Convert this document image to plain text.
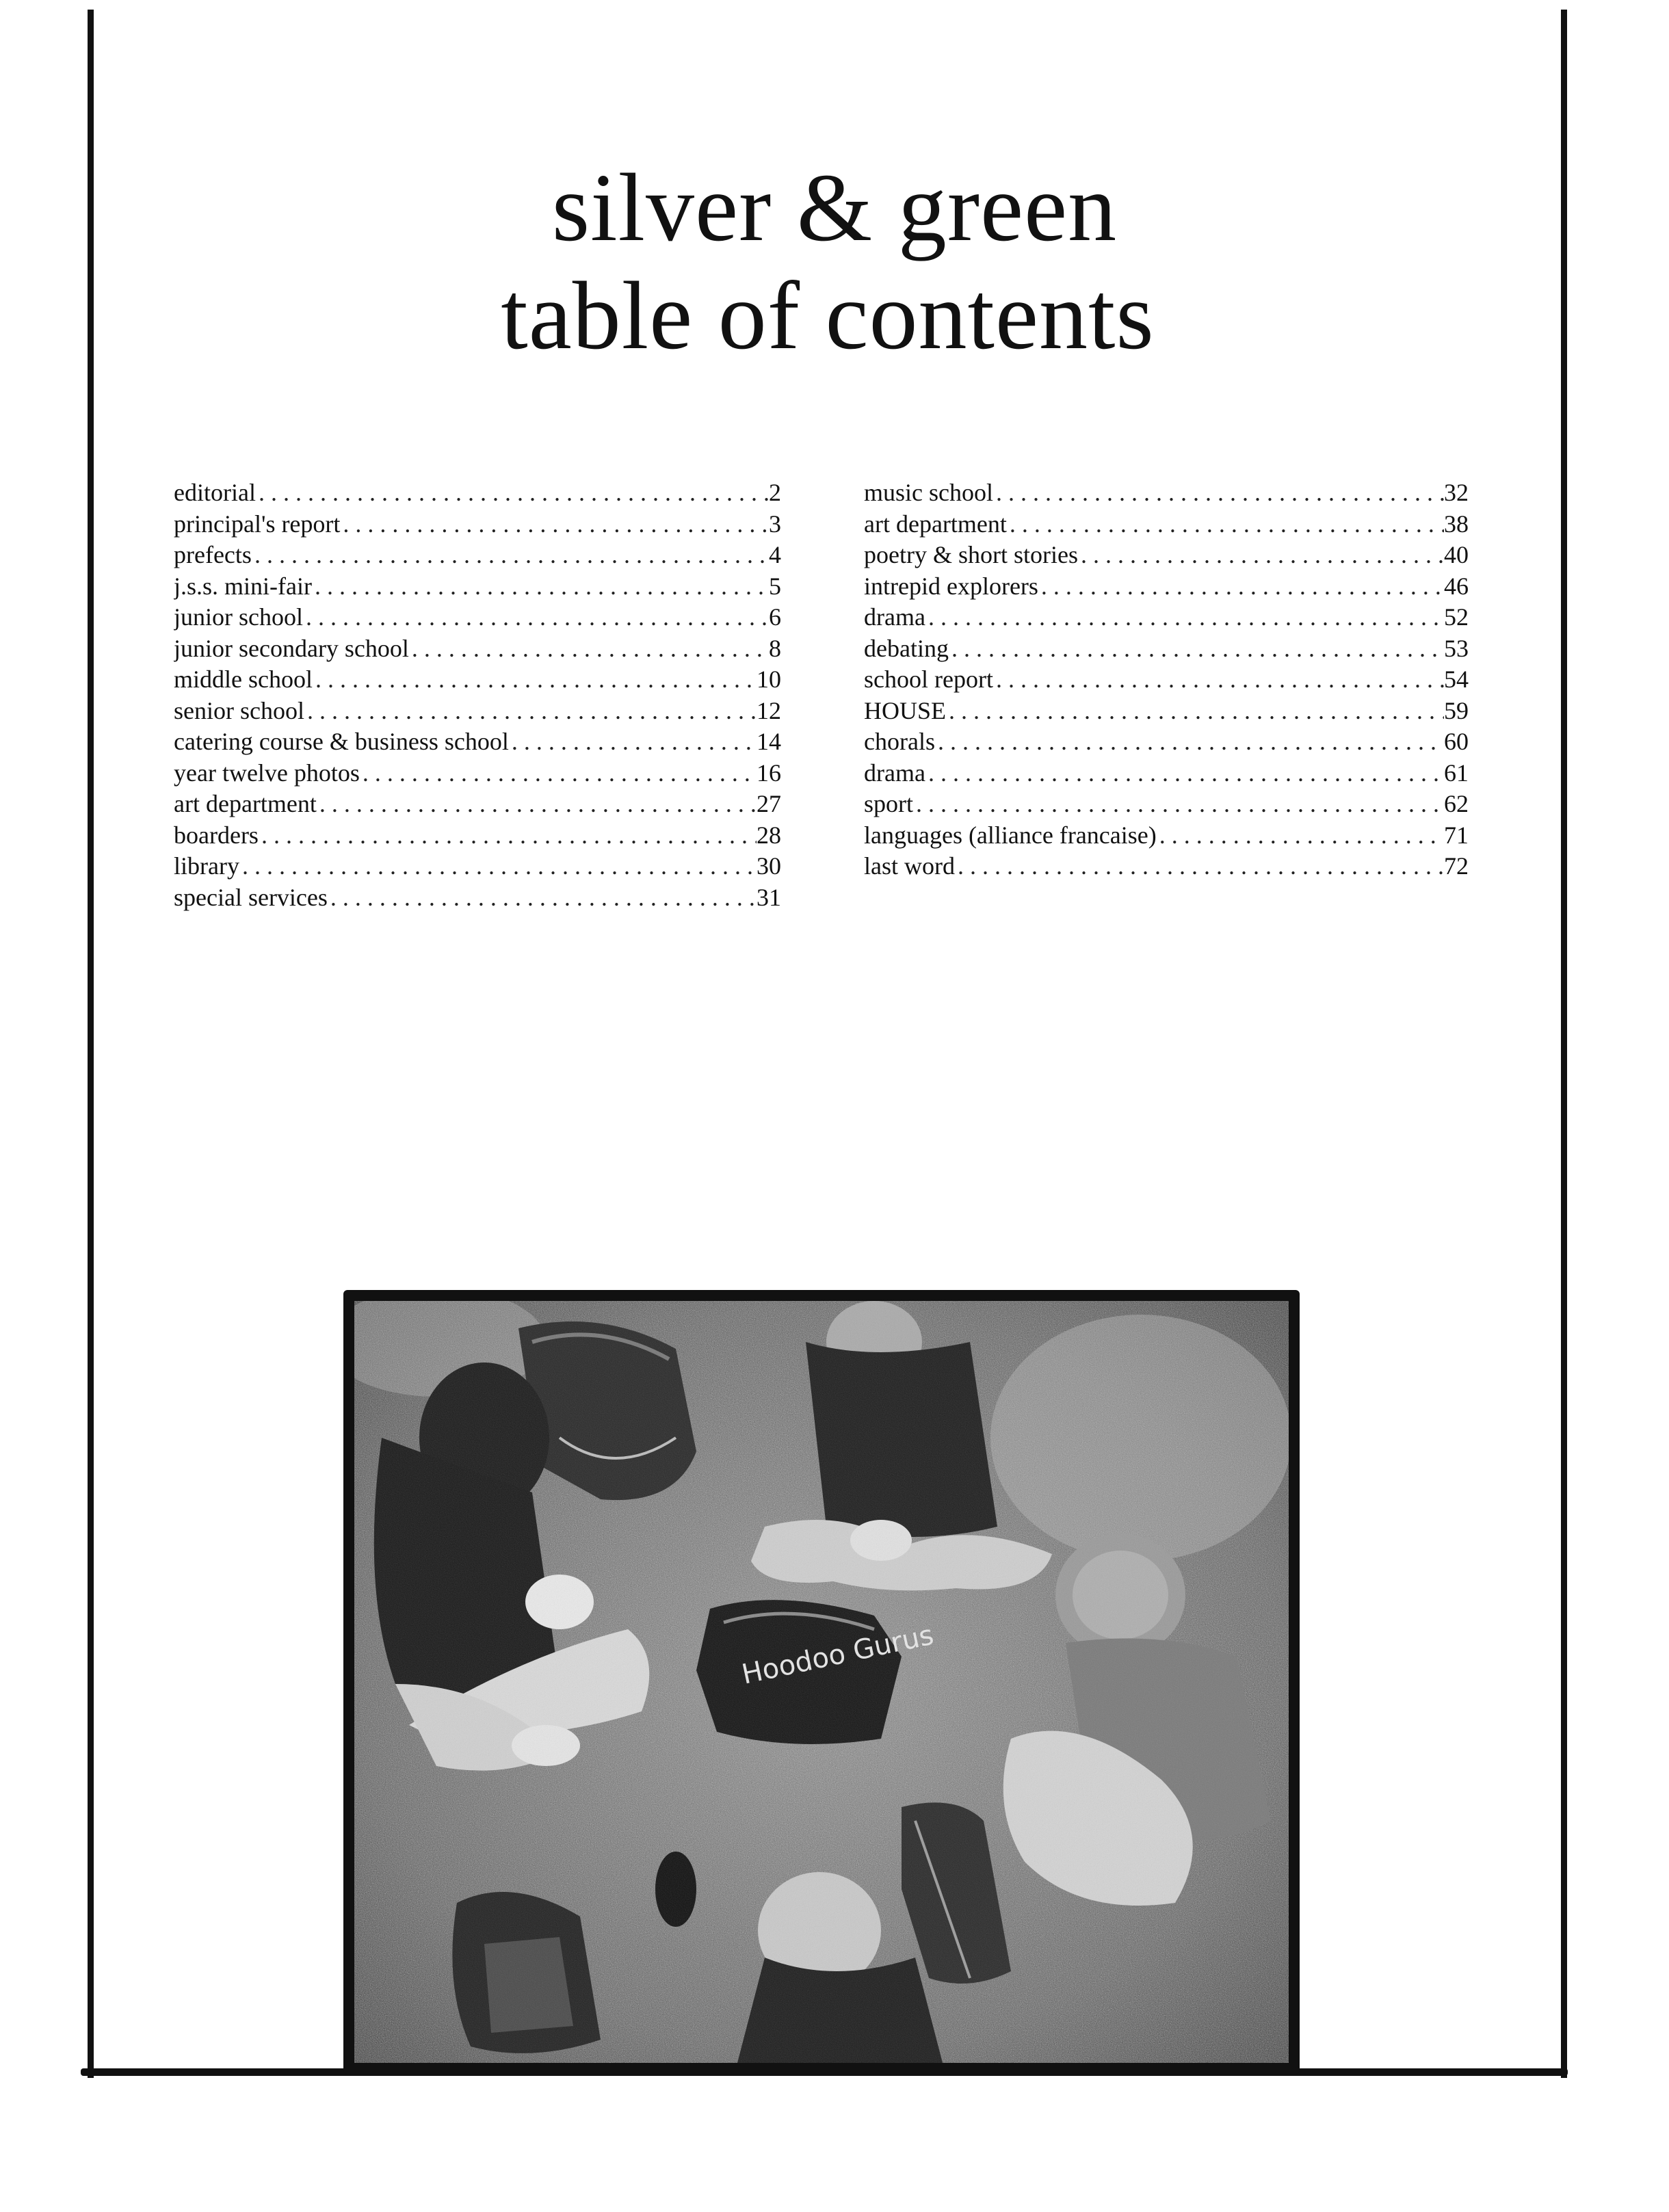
silver & green
table of contents
editorial . . .	2
principal's report . . .	3
prefects . . .	4
j.s.s. mini-fair . . .	5
junior school . . .	6
junior secondary school . . .	8
middle school . . .	10
senior school . . .	12
catering course & business school . . .	14
year twelve photos . . .	16
art department . . .	27
boarders . . .	28
library . . .	30
special services . . .	31
music school . . .	32
art department . . .	38
poetry & short stories . . .	40
intrepid explorers . . .	46
drama . . .	52
debating . . .	53
school report . . .	54
HOUSE . . .	59
chorals . . .	60
drama . . .	61
sport . . .	62
languages (alliance francaise) . . .	71
last word . . .	72
Hoodoo Gurus
